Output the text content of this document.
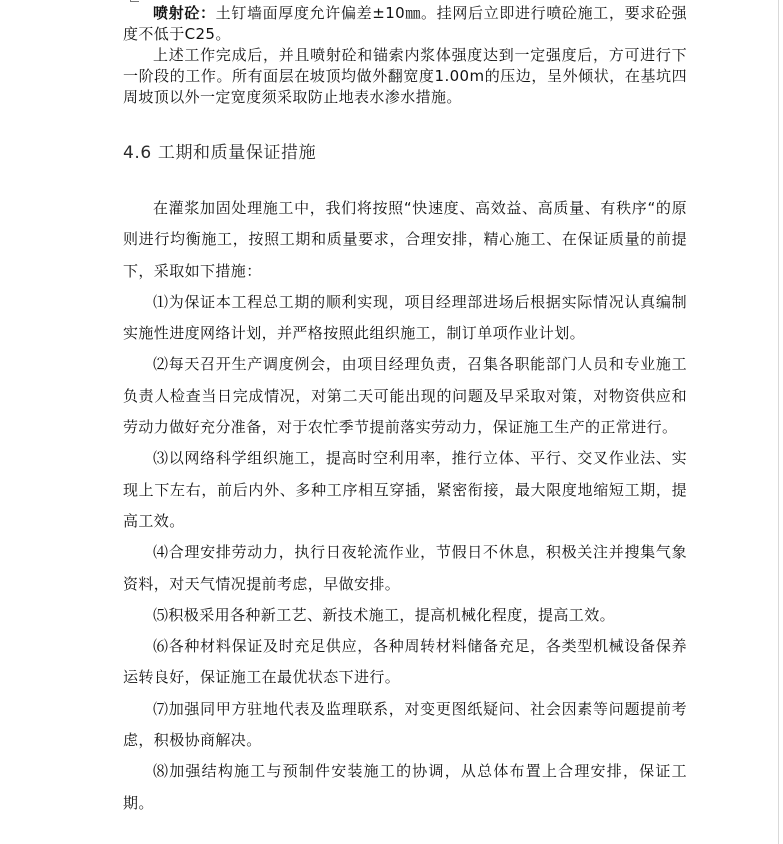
喷射砼：土钉墙面厚度允许偏差±10㎜。挂网后立即进行喷砼施工，要求砼强度不低于C25。

上述工作完成后，并且喷射砼和锚索内浆体强度达到一定强度后，方可进行下一阶段的工作。所有面层在坡顶均做外翻宽度1.00m的压边，呈外倾状，在基坑四周坡顶以外一定宽度须采取防止地表水渗水措施。

4.6 工期和质量保证措施

在灌浆加固处理施工中，我们将按照“快速度、高效益、高质量、有秩序“的原则进行均衡施工，按照工期和质量要求，合理安排，精心施工、在保证质量的前提下，采取如下措施：

⑴为保证本工程总工期的顺利实现，项目经理部进场后根据实际情况认真编制实施性进度网络计划，并严格按照此组织施工，制订单项作业计划。

⑵每天召开生产调度例会，由项目经理负责，召集各职能部门人员和专业施工负责人检查当日完成情况，对第二天可能出现的问题及早采取对策，对物资供应和劳动力做好充分准备，对于农忙季节提前落实劳动力，保证施工生产的正常进行。

⑶以网络科学组织施工，提高时空利用率，推行立体、平行、交叉作业法、实现上下左右，前后内外、多种工序相互穿插，紧密衔接，最大限度地缩短工期，提高工效。

⑷合理安排劳动力，执行日夜轮流作业，节假日不休息，积极关注并搜集气象资料，对天气情况提前考虑，早做安排。

⑸积极采用各种新工艺、新技术施工，提高机械化程度，提高工效。

⑹各种材料保证及时充足供应，各种周转材料储备充足，各类型机械设备保养运转良好，保证施工在最优状态下进行。

⑺加强同甲方驻地代表及监理联系，对变更图纸疑问、社会因素等问题提前考虑，积极协商解决。

⑻加强结构施工与预制件安装施工的协调，从总体布置上合理安排，保证工期。
